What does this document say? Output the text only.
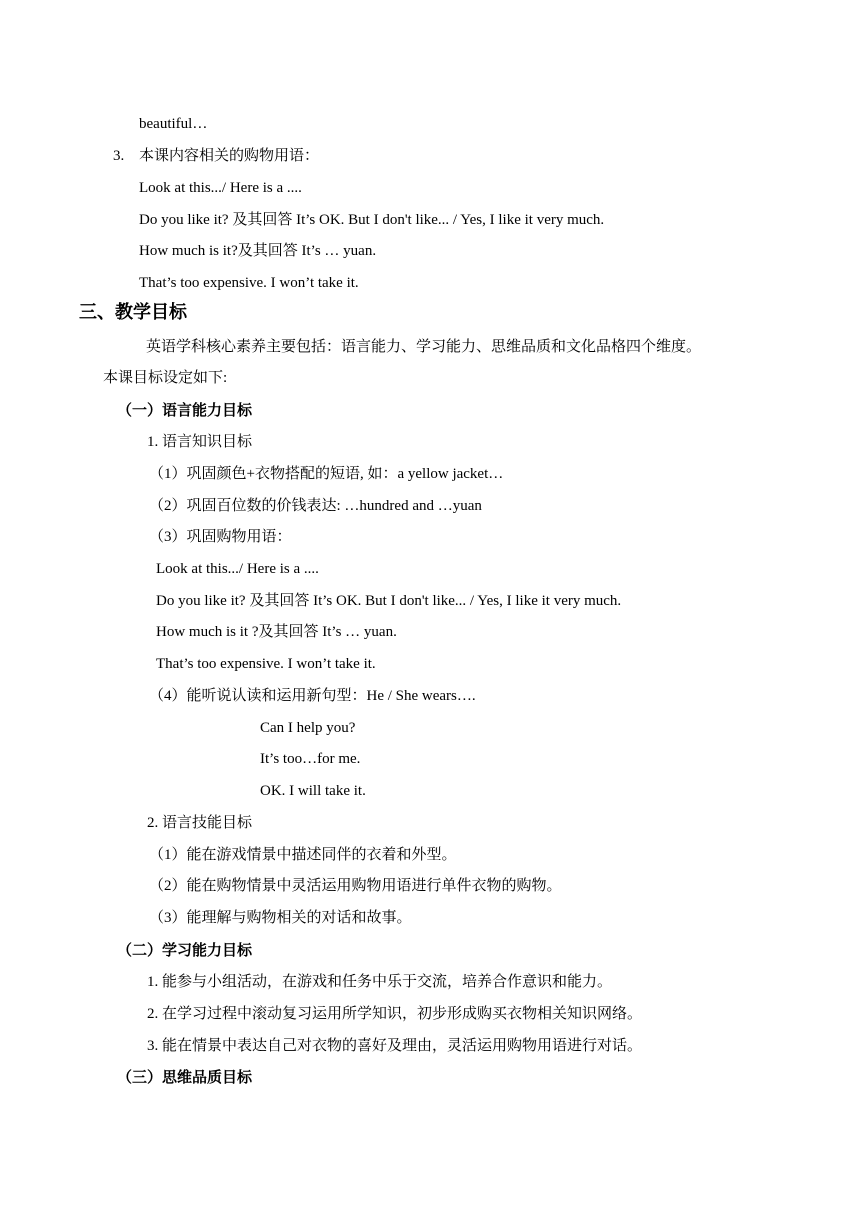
beautiful…
3. 本课内容相关的购物用语：
Look at this.../ Here is a ....
Do you like it? 及其回答 It’s OK. But I don't like... / Yes, I like it very much.
How much is it?及其回答 It’s … yuan.
That’s too expensive. I won’t take it.
三、教学目标
英语学科核心素养主要包括：语言能力、学习能力、思维品质和文化品格四个维度。
本课目标设定如下:
（一）语言能力目标
1. 语言知识目标
（1）巩固颜色+衣物搭配的短语, 如：a yellow jacket…
（2）巩固百位数的价钱表达: …hundred and …yuan
（3）巩固购物用语：
Look at this.../ Here is a ....
Do you like it? 及其回答 It’s OK. But I don't like... / Yes, I like it very much.
How much is it ?及其回答 It’s … yuan.
That’s too expensive. I won’t take it.
（4）能听说认读和运用新句型：He / She wears….
Can I help you?
It’s too…for me.
OK. I will take it.
2. 语言技能目标
（1）能在游戏情景中描述同伴的衣着和外型。
（2）能在购物情景中灵活运用购物用语进行单件衣物的购物。
（3）能理解与购物相关的对话和故事。
（二）学习能力目标
1. 能参与小组活动，在游戏和任务中乐于交流，培养合作意识和能力。
2. 在学习过程中滚动复习运用所学知识，初步形成购买衣物相关知识网络。
3. 能在情景中表达自己对衣物的喜好及理由，灵活运用购物用语进行对话。
（三）思维品质目标
